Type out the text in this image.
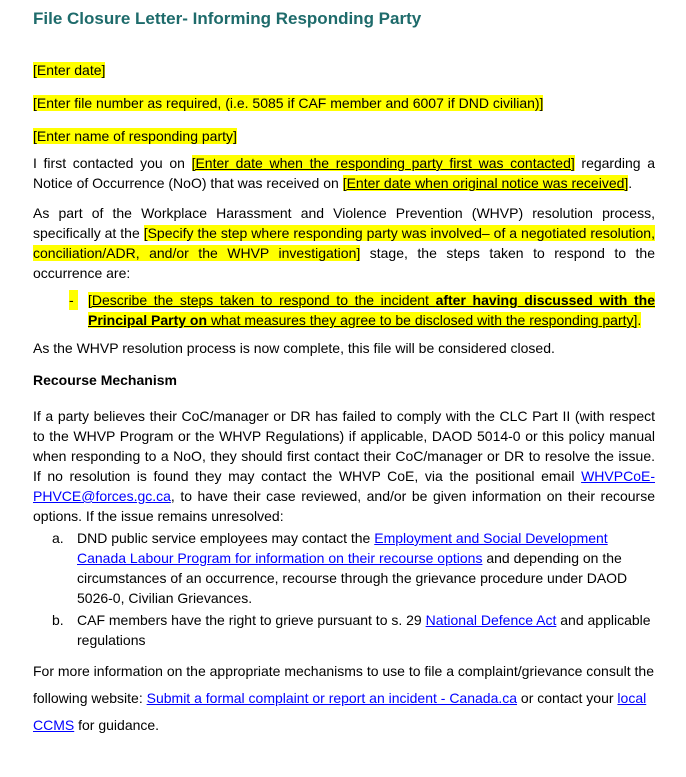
File Closure Letter- Informing Responding Party

[Enter date]

[Enter file number as required, (i.e. 5085 if CAF member and 6007 if DND civilian)]

[Enter name of responding party]

I first contacted you on [Enter date when the responding party first was contacted] regarding a Notice of Occurrence (NoO) that was received on [Enter date when original notice was received].

As part of the Workplace Harassment and Violence Prevention (WHVP) resolution process, specifically at the [Specify the step where responding party was involved– of a negotiated resolution, conciliation/ADR, and/or the WHVP investigation] stage, the steps taken to respond to the occurrence are:

- [Describe the steps taken to respond to the incident after having discussed with the Principal Party on what measures they agree to be disclosed with the responding party].

As the WHVP resolution process is now complete, this file will be considered closed.

Recourse Mechanism

If a party believes their CoC/manager or DR has failed to comply with the CLC Part II (with respect to the WHVP Program or the WHVP Regulations) if applicable, DAOD 5014-0 or this policy manual when responding to a NoO, they should first contact their CoC/manager or DR to resolve the issue. If no resolution is found they may contact the WHVP CoE, via the positional email WHVPCoE-PHVCE@forces.gc.ca, to have their case reviewed, and/or be given information on their recourse options. If the issue remains unresolved:

a. DND public service employees may contact the Employment and Social Development Canada Labour Program for information on their recourse options and depending on the circumstances of an occurrence, recourse through the grievance procedure under DAOD 5026-0, Civilian Grievances.

b. CAF members have the right to grieve pursuant to s. 29 National Defence Act and applicable regulations

For more information on the appropriate mechanisms to use to file a complaint/grievance consult the following website: Submit a formal complaint or report an incident - Canada.ca or contact your local CCMS for guidance.
